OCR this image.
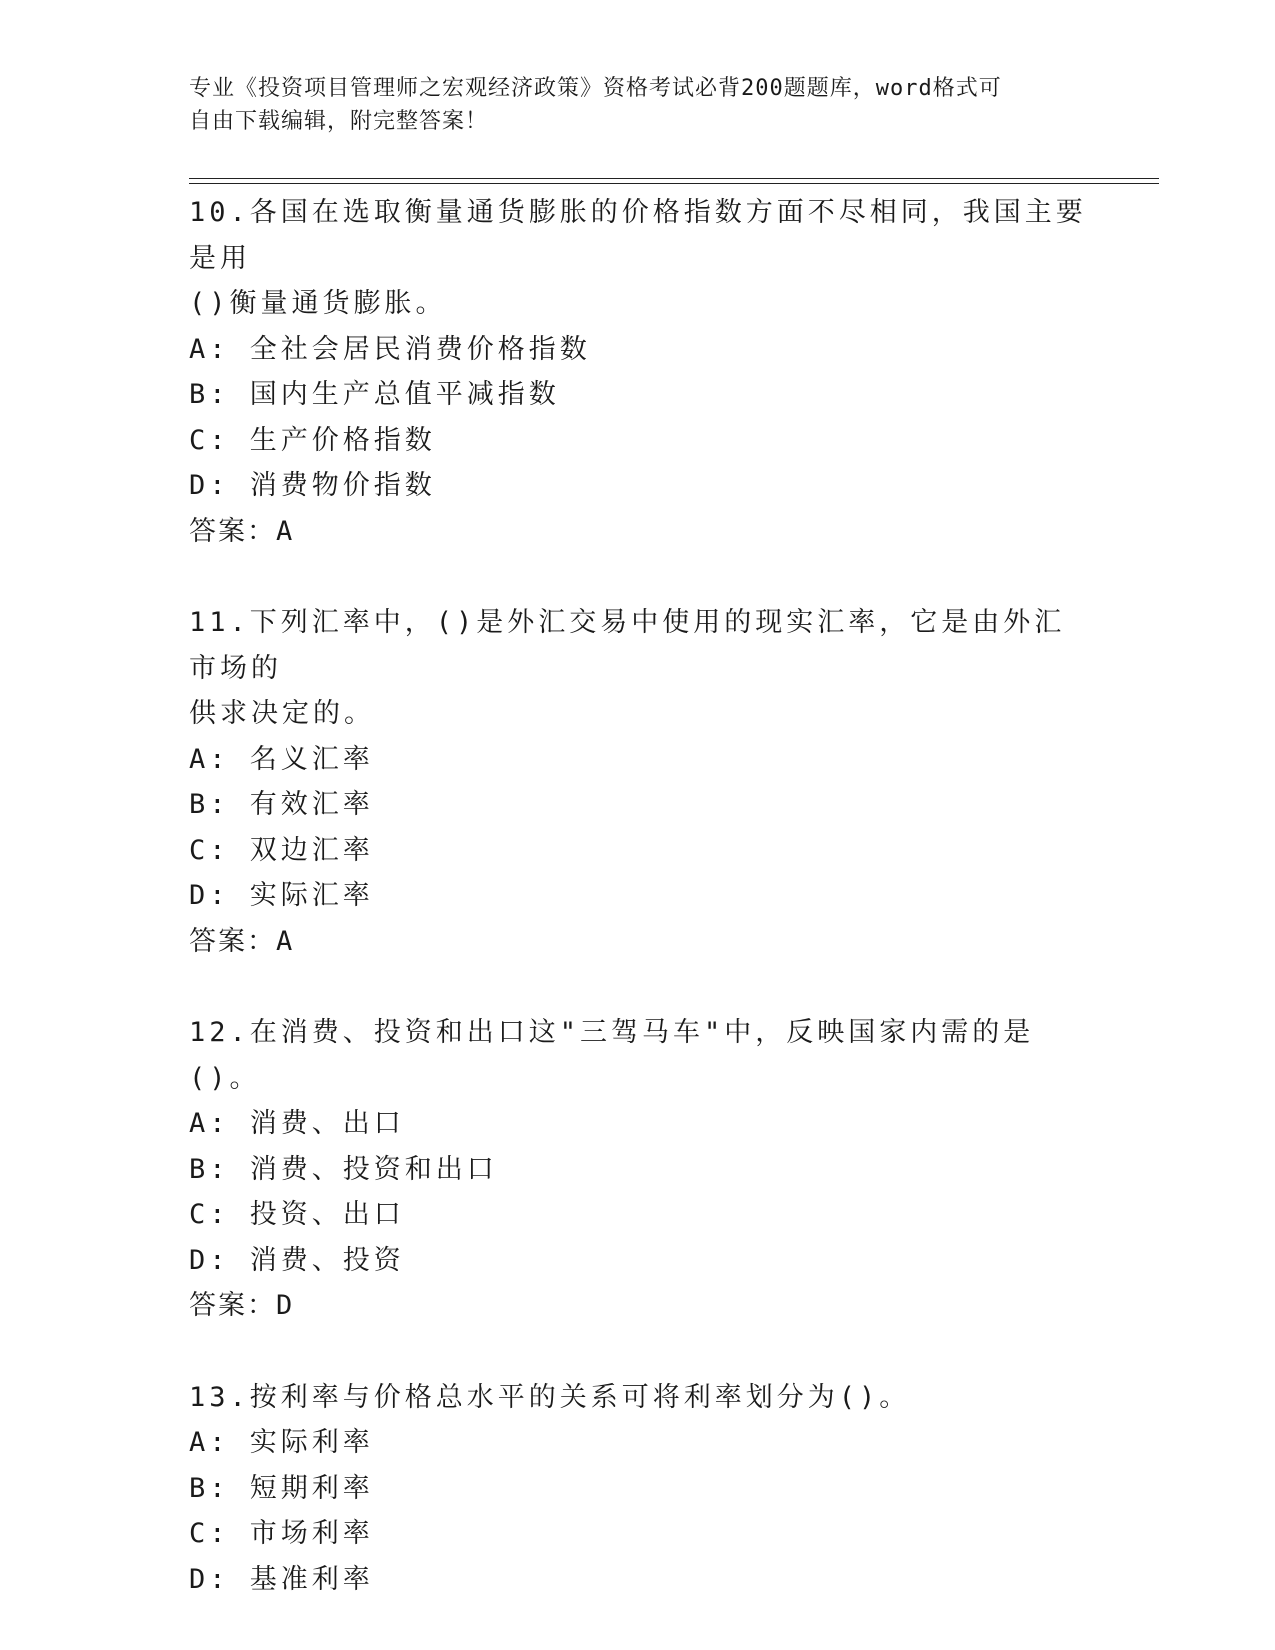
专业《投资项目管理师之宏观经济政策》资格考试必背200题题库，word格式可
自由下载编辑，附完整答案！

10.各国在选取衡量通货膨胀的价格指数方面不尽相同，我国主要是用

()衡量通货膨胀。

A: 全社会居民消费价格指数

B: 国内生产总值平减指数

C: 生产价格指数

D: 消费物价指数

答案：A

11.下列汇率中，()是外汇交易中使用的现实汇率，它是由外汇市场的

供求决定的。

A: 名义汇率

B: 有效汇率

C: 双边汇率

D: 实际汇率

答案：A

12.在消费、投资和出口这"三驾马车"中，反映国家内需的是()。

A: 消费、出口

B: 消费、投资和出口

C: 投资、出口

D: 消费、投资

答案：D

13.按利率与价格总水平的关系可将利率划分为()。

A: 实际利率

B: 短期利率

C: 市场利率

D: 基准利率
